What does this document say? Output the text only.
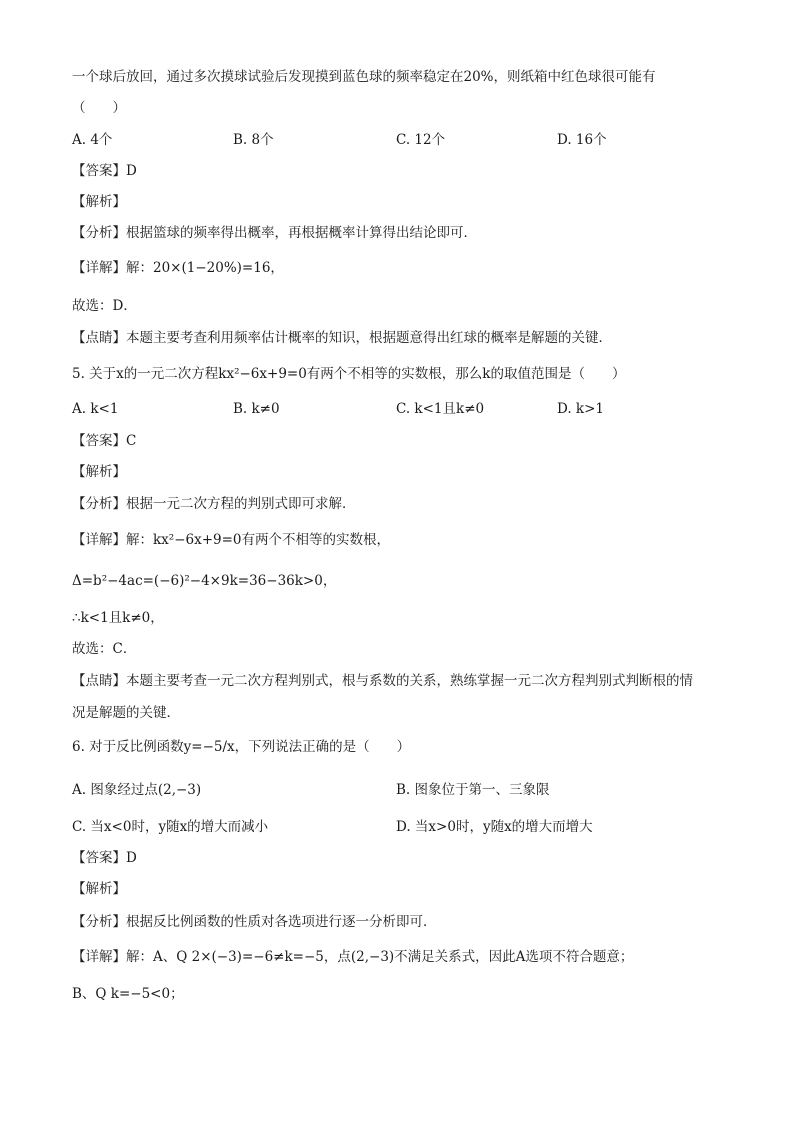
一个球后放回，通过多次摸球试验后发现摸到蓝色球的频率稳定在20%，则纸箱中红色球很可能有
（　　）
A. 4个	B. 8个	C. 12个	D. 16个
【答案】D
【解析】
【分析】根据篮球的频率得出概率，再根据概率计算得出结论即可．
【详解】解：20×(1−20%)=16，
故选：D．
【点睛】本题主要考查利用频率估计概率的知识，根据题意得出红球的概率是解题的关键．
5. 关于x的一元二次方程kx²−6x+9=0有两个不相等的实数根，那么k的取值范围是（　　）
A. k<1	B. k≠0	C. k<1且k≠0	D. k>1
【答案】C
【解析】
【分析】根据一元二次方程的判别式即可求解．
【详解】解：kx²−6x+9=0有两个不相等的实数根，
Δ=b²−4ac=(−6)²−4×9k=36−36k>0，
∴k<1且k≠0，
故选：C．
【点睛】本题主要考查一元二次方程判别式，根与系数的关系，熟练掌握一元二次方程判别式判断根的情
况是解题的关键．
6. 对于反比例函数y=−5/x，下列说法正确的是（　　）
A. 图象经过点(2,−3)	B. 图象位于第一、三象限
C. 当x<0时，y随x的增大而减小	D. 当x>0时，y随x的增大而增大
【答案】D
【解析】
【分析】根据反比例函数的性质对各选项进行逐一分析即可．
【详解】解：A、Q 2×(−3)=−6≠k=−5，点(2,−3)不满足关系式，因此A选项不符合题意；
B、Q k=−5<0；
